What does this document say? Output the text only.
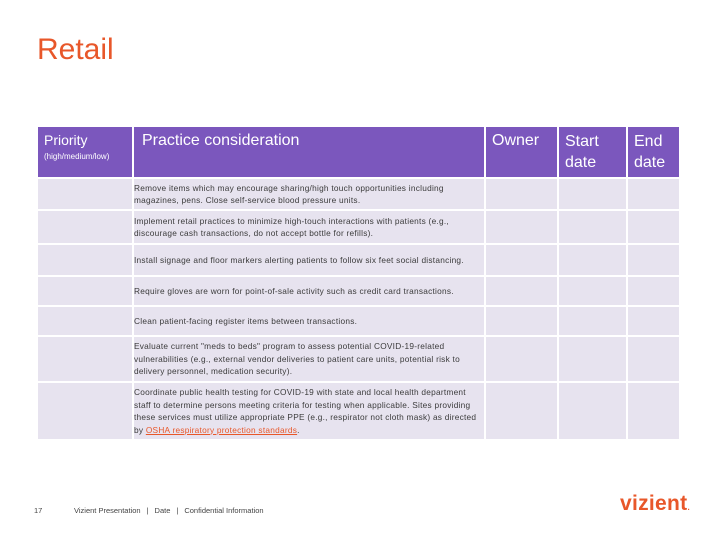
Retail
Priority
(high/medium/low)	Practice consideration	Owner	Start date	End date

	Remove items which may encourage sharing/high touch opportunities including magazines, pens. Close self-service blood pressure units.			

	Implement retail practices to minimize high-touch interactions with patients (e.g., discourage cash transactions, do not accept bottle for refills).			

	Install signage and floor markers alerting patients to follow six feet social distancing.			

	Require gloves are worn for point-of-sale activity such as credit card transactions.			

	Clean patient-facing register items between transactions.			

	Evaluate current "meds to beds" program to assess potential COVID-19-related vulnerabilities (e.g., external vendor deliveries to patient care units, potential risk to delivery personnel, medication security).			

	Coordinate public health testing for COVID-19 with state and local health department staff to determine persons meeting criteria for testing when applicable. Sites providing these services must utilize appropriate PPE (e.g., respirator not cloth mask) as directed by OSHA respiratory protection standards.			

17	Vizient Presentation | Date | Confidential Information	vizient.
